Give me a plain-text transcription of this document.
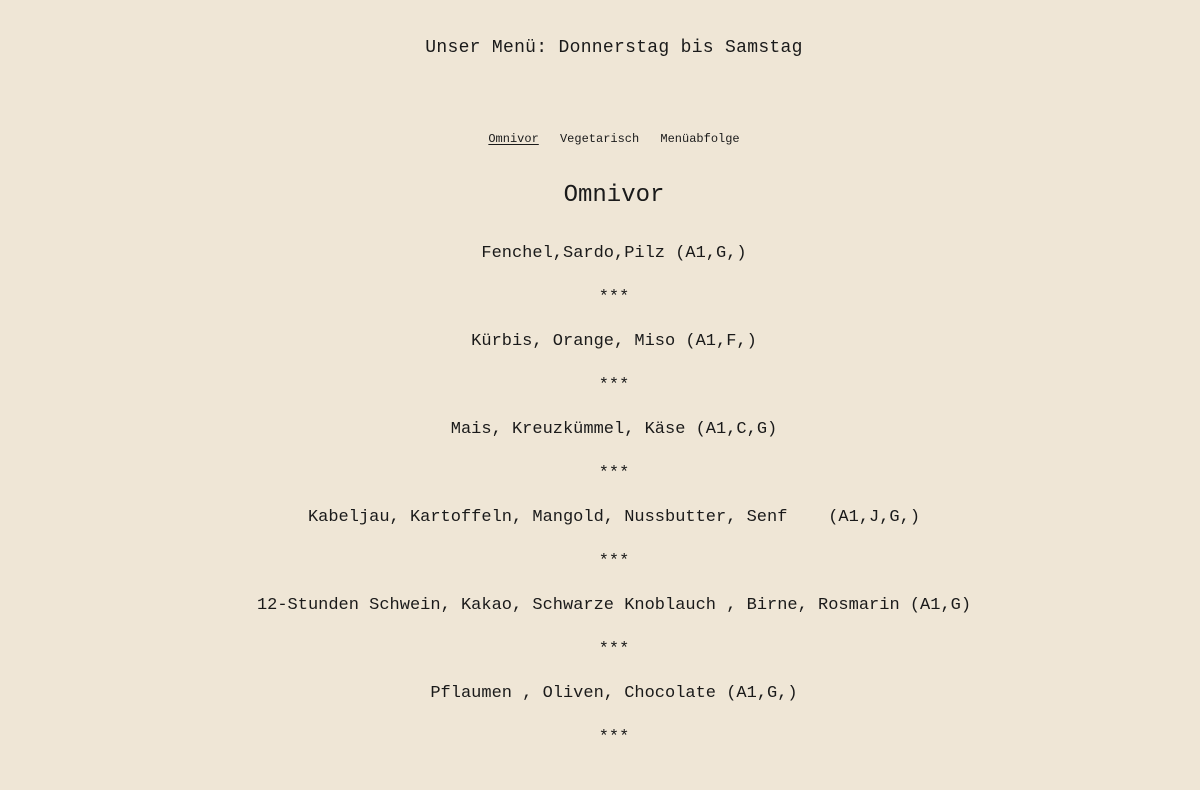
Unser Menü: Donnerstag bis Samstag
Omnivor Vegetarisch Menüabfolge
Omnivor
Fenchel,Sardo,Pilz (A1,G,)
***
Kürbis, Orange, Miso (A1,F,)
***
Mais, Kreuzkümmel, Käse (A1,C,G)
***
Kabeljau, Kartoffeln, Mangold, Nussbutter, Senf    (A1,J,G,)
***
12-Stunden Schwein, Kakao, Schwarze Knoblauch , Birne, Rosmarin (A1,G)
***
Pflaumen , Oliven, Chocolate (A1,G,)
***
